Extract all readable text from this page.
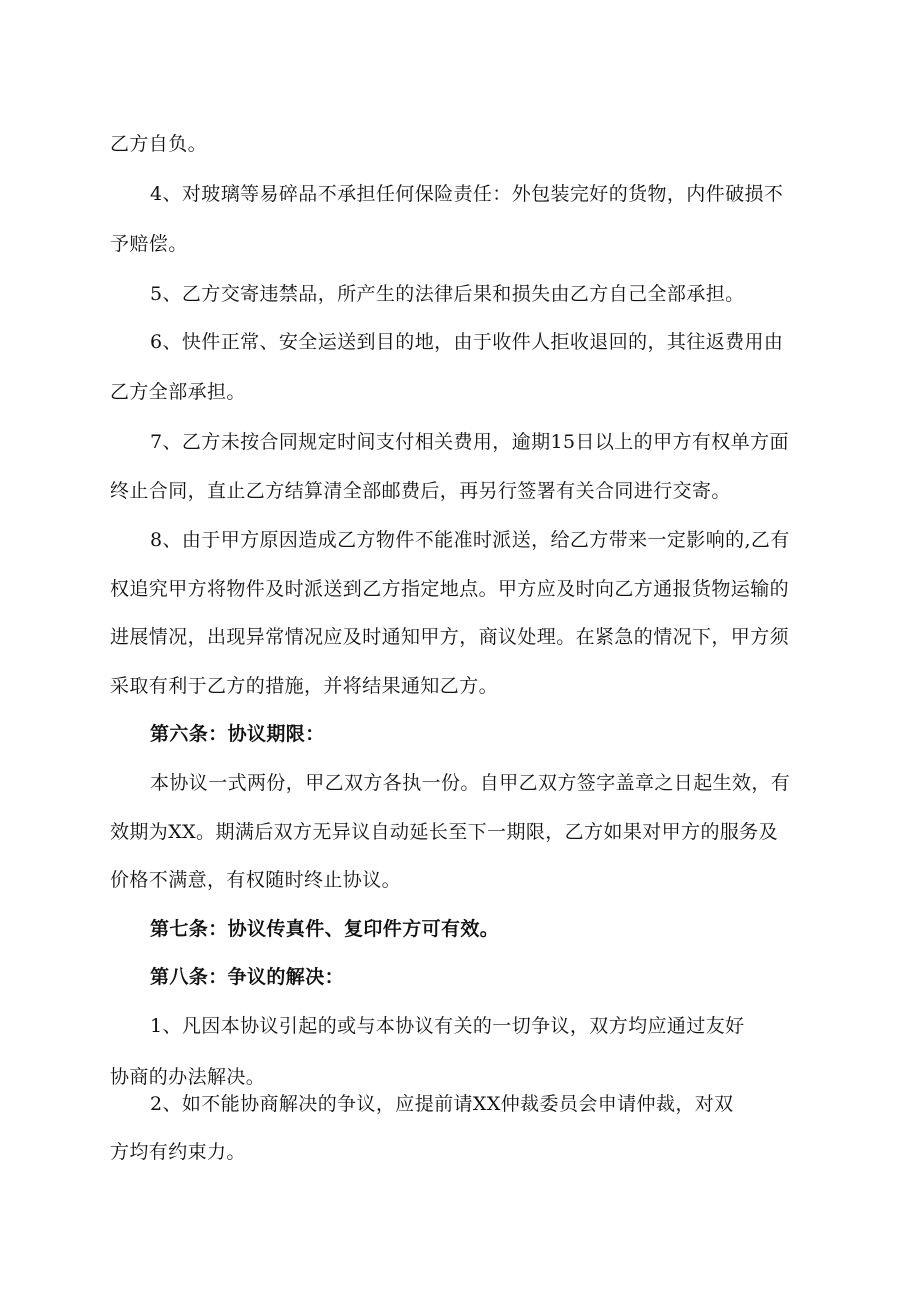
乙方自负。
4、对玻璃等易碎品不承担任何保险责任：外包装完好的货物，内件破损不
予赔偿。
5、乙方交寄违禁品，所产生的法律后果和损失由乙方自己全部承担。
6、快件正常、安全运送到目的地，由于收件人拒收退回的，其往返费用由
乙方全部承担。
7、乙方未按合同规定时间支付相关费用，逾期15日以上的甲方有权单方面
终止合同，直止乙方结算清全部邮费后，再另行签署有关合同进行交寄。
8、由于甲方原因造成乙方物件不能准时派送，给乙方带来一定影响的,乙有
权追究甲方将物件及时派送到乙方指定地点。甲方应及时向乙方通报货物运输的
进展情况，出现异常情况应及时通知甲方，商议处理。在紧急的情况下，甲方须
采取有利于乙方的措施，并将结果通知乙方。
第六条：协议期限：
本协议一式两份，甲乙双方各执一份。自甲乙双方签字盖章之日起生效，有
效期为XX。期满后双方无异议自动延长至下一期限，乙方如果对甲方的服务及
价格不满意，有权随时终止协议。
第七条：协议传真件、复印件方可有效。
第八条：争议的解决：
1、凡因本协议引起的或与本协议有关的一切争议，双方均应通过友好
协商的办法解决。
2、如不能协商解决的争议，应提前请XX仲裁委员会申请仲裁，对双
方均有约束力。
